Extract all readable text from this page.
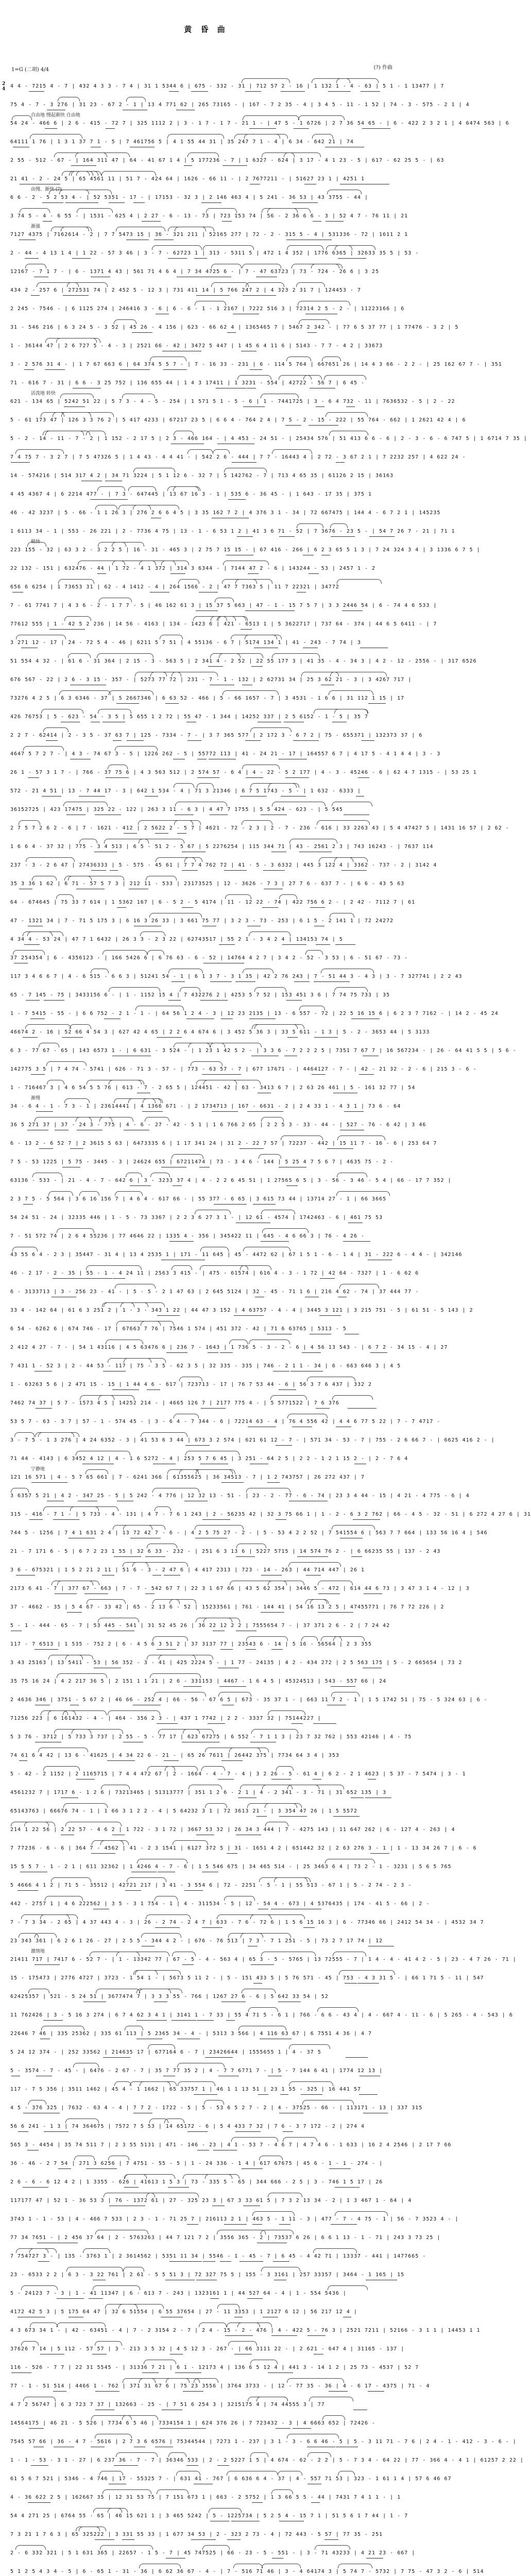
黄 昏 曲
1=G (二胡) 4/4	(?) 作曲
4 4 - 7215 4 - 7 | 432 4 3 3 - 7 4 | 31 1 5344 6 | 675 - 332 - 31 | 712 57 2 - 16 | 1 132 1 - 4 - 63 | 5 1 - 1 13477 | 7
75 4 - 7 - 3 276 | 31 23 - 67 2 - 1 | 13 4 771 62 | 265 73165 - | 167 - 7 2 35 - 4 | 3 4 5 - 11 - 1 52 | 74 - 3 - 575 - 2 1 | 4
54 24 - 466 6 | 2 6 - 415 - 72 7 | 325 1112 2 | 3 - 1 7 - 1 7 - 21 1 - | 47 5 - 1 6726 | 2 7 36 54 65 - | 6 - 422 2 3 2 1 | 4 6474 563 | 6
自由地 慢起渐快 自由地
64111 1 76 | 1 3 1 37 7 1 - 5 | 7 461756 5 | 4 1 55 44 31 | 35 247 7 1 - 4 | 6 34 - 642 21 | 74
2 55 - 512 - 67 - | 164 311 47 | 64 - 41 67 1 4 | 5 177236 - 7 | 1 6327 - 624 | 3 17 - 4 1 23 - 5 | 617 - 62 25 5 - | 63
21 41 - 2 - 24 5 | 65 4561 11 | 51 7 - 424 64 | 1626 - 66 11 - | 2 7677211 - | 51627 23 1 | 4251 1
6 6 - 2 - 5 2 53 4 - | 52 5351 - 17 - | 17153 - 32 3 | 2 146 463 4 | 5 241 - 36 53 | 43 3755 - 44 |
由慢、渐快 (?)
3 74 5 - 4 - 6 55 - | 1531 - 625 4 | 2 27 - 6 - 13 - 73 | 723 153 74 | 56 - 2 36 6 6 - 3 | 52 4 7 - 76 11 | 21
7127 4375 | 7162614 - 2 | 7 7 5473 15 | 36 - 321 211 | 52165 277 | 72 - 2 - 315 5 - 4 | 531336 - 72 | 1611 2 1
渐强
2 - 44 - 4 13 1 4 | 1 22 - 57 3 46 | 3 - 7 - 62723 1 | 313 - 5311 5 | 472 1 4 352 | 1776 6365 | 32633 35 5 | 53 -
12167 - 7 1 7 - | 6 - 1371 4 43 | 561 71 4 6 4 | 7 34 4725 6 - | 7 - 47 63723 | 73 - 724 - 26 6 | 3 25
434 2 - 257 6 | 272531 74 | 2 452 5 - 12 3 | 731 411 14 | 5 766 247 2 | 4 323 2 31 7 | 124453 - 7
2 245 - 7546 - | 6 1125 274 | 246416 3 - 6 | 6 - 6 - 1 - 1 2167 | 7222 516 3 | 72314 2 5 - 2 - | 11223166 | 6
31 - 546 216 | 6 3 24 5 - 3 52 | 45 26 - 4 156 | 623 - 66 62 4 | 1365465 7 | 5467 2 342 - | 77 6 5 37 77 | 1 77476 - 3 2 | 5
1 - 36144 47 | 2 6 727 5 - 4 - 3 | 2521 66 - 42 | 3472 5 447 | 1 45 6 4 11 6 | 5143 - 7 7 - 4 2 | 33673
3 - 2 576 31 4 - | 1 7 67 663 6 | 64 374 5 5 7 - | 7 - 16 33 - 231 | 6 - 114 5 764 | 667651 26 | 14 4 3 66 - 2 2 - | 25 162 67 7 - | 351
71 - 616 7 - 31 | 6 6 - 3 25 752 | 136 655 44 | 1 4 3 17411 | 1 3231 - 554 | 42722 - 56 7 | 6 45 -
621 - 134 65 | 5242 51 22 | 5 7 3 - 4 - 5 - 254 | 1 571 5 1 - 5 - 6 | 1 - 7441725 | 3 - 6 4 732 - 11 | 7636532 - 5 | 2 - 22
活泼地 转快
5 - 61 173 47 | 126 3 3 76 2 | 5 417 4233 | 67217 23 5 | 6 6 4 - 764 2 4 | 7 5 - 2 - 15 - 222 | 55 764 - 662 | 1 2621 42 4 | 6
5 - 2 - 14 - 11 - 7 - 2 | 1 152 - 2 17 5 | 2 3 - 466 164 - | 4 453 - 24 51 - | 25434 576 | 51 413 6 6 - 6 | 2 - 3 - 6 - 6 747 5 | 1 6714 7 35 |
7 4 75 7 - 3 2 7 | 7 5 47326 5 | 1 4 43 - 4 4 41 - | 542 2 6 - 444 | 7 7 - 16443 4 | 2 72 - 3 67 2 1 | 7 2232 257 | 4 622 24 -
14 - 574216 | 514 317 4 2 | 34 71 3224 | 5 1 12 6 - 32 7 | 5 142762 - 7 | 713 4 65 35 | 61126 2 15 | 36163
4 45 4367 4 | 6 2214 477 - | 7 3 - 647445 | 13 67 16 3 - 1 | 535 6 - 36 45 - | 1 643 - 17 35 | 375 1
46 - 42 3237 | 5 - 66 - 1 1 26 3 | 276 2 6 6 4 5 | 3 35 162 7 2 | 4 376 3 1 - 34 | 72 667475 | 144 4 - 6 7 2 1 | 145235
1 6113 34 - 1 | 553 - 26 221 | 2 - 7736 4 75 | 13 - 1 - 6 53 1 2 | 41 3 6 71 - 52 | 7 3676 - 23 5 - | 54 7 26 7 - 21 | 71 1
223 155 - 32 | 63 3 2 - 3 2 2 5 | 16 - 31 - 465 3 | 2 75 7 15 15 - | 67 416 - 266 | 6 2 3 65 5 1 3 | 7 24 324 3 4 | 3 1336 6 7 5 |
稍快
22 132 - 151 | 632476 - 44 | 1 72 - 4 1 372 | 314 3 6344 - | 7144 47 2 - 6 | 143244 - 53 | 2457 1 - 2
656 6 6254 | 1 73653 31 | 62 - 4 1412 - 4 | 264 1566 - 2 | 47 7 7363 5 | 11 7 22321 | 34772
7 - 61 7741 7 | 4 3 6 - 2 - 1 7 7 - 5 | 46 162 61 3 | 15 37 5 663 | 47 - 1 - 15 7 5 7 | 3 3 2446 54 | 6 - 74 4 6 533 |
77612 555 | 1 - 42 5 2 236 | 14 56 - 4163 | 134 - 1423 6 | 421 - 6513 1 | 5 3622717 | 737 64 - 374 | 44 6 5 6411 - | 7
3 271 12 - 17 | 24 - 72 5 4 - 46 | 6211 5 7 51 | 4 55136 - 6 7 | 5174 134 1 | 41 - 243 - 7 74 | 3
51 554 4 32 - | 61 6 - 31 364 | 2 15 - 3 - 563 5 | 2 341 4 - 2 52 | 22 55 177 3 | 41 35 - 4 - 34 3 | 4 2 - 12 - 2556 - | 317 6526
676 567 - 22 | 2 6 - 3 15 - 357 - | 5273 77 72 | 231 - 7 - 1 - 132 | 2 62731 34 | 25 3 62 21 - 3 | 3 4267 717 |
73276 4 2 5 | 6 3 6346 - 37 | 5 2667346 | 6 63 52 - 466 | 5 - 66 1657 - 7 | 3 4531 - 1 6 6 | 31 112 1 15 | 17
426 76753 | 5 - 623 - 54 - 3 5 | 5 655 1 2 72 | 55 47 - 1 344 | 14252 337 | 2 5 6152 - 1 - 5 | 35 7
2 2 7 - 62414 | 2 - 3 5 - 37 63 7 | 125 - 7334 - 7 - | 3 7 365 577 | 2 172 3 - 6 7 2 | 75 - 655371 | 132373 37 | 6
4647 5 7 2 7 - | 4 3 - 74 67 3 - 5 | 1226 262 - 5 | 55772 113 | 41 - 24 21 - 17 | 164557 6 7 | 4 17 5 - 4 1 4 4 | 3 - 3
26 1 - 57 3 1 7 - | 766 - 37 75 6 | 4 3 563 512 | 2 574 57 - 6 4 | 4 - 22 - 5 2 177 | 4 - 3 - 45246 - 6 | 62 4 7 1315 - | 53 25 1
572 - 21 4 51 | 13 - 7 44 17 - 3 | 642 1 534 - 4 | 71 3 21346 | 6 7 5 1743 - 5 - | 1 632 - 6333 |
36152725 | 423 17475 | 325 22 - 122 | 263 3 11 - 6 3 | 4 47 7 1755 | 5 5 424 - 623 - | 5 545
2 7 5 7 2 6 2 - 6 | 7 - 1621 - 412 | 2 5622 2 - 5 7 | 4621 - 72 - 2 3 | 2 - 7 - 236 - 616 | 33 2263 43 | 5 4 47427 5 | 1431 16 57 | 2 62 -
1 6 6 4 - 37 32 | 775 - 3 4 513 | 6 5 - 51 2 - 5 67 | 5 2276254 | 115 344 71 | 43 - 2561 2 3 | 743 16243 - | 7637 114
237 - 3 - 2 6 47 | 27436333 | 5 - 575 - 45 61 | 7 7 4 762 72 | 41 - 5 - 3 6332 | 445 3 122 4 | 3362 - 737 - 2 | 3142 4
35 3 36 1 62 | 6 71 - 57 5 7 3 | 212 11 - 533 | 23173525 | 12 - 3626 - 7 3 | 27 7 6 - 637 7 - | 6 6 - 43 5 63
64 - 674645 | 75 33 7 614 | 1 5362 167 | 6 - 5 2 - 5 4174 | 11 - 12 22 - 74 | 422 756 6 2 - | 2 42 - 7112 7 | 61
47 - 1321 34 | 7 - 71 5 175 3 | 6 16 3 26 33 | 3 661 75 77 | 3 2 3 - 73 - 253 | 6 1 5 - 2 141 1 | 72 24272
4 34 4 - 53 24 | 47 7 1 6432 | 26 3 3 - 2 3 22 | 62743517 | 55 2 1 - 3 4 2 4 | 134153 74 | 5
37 254354 | 6 - 4356123 - | 166 5426 6 | 6 76 63 - 6 - 52 | 14764 4 2 7 | 3 4 2 - 52 - 3 53 | 6 - 51 67 - 73 -
117 3 4 6 6 7 | 4 - 6 515 - 6 6 3 | 51241 54 - 1 | 6 1 3 7 - 3 1 35 | 42 2 76 243 | 7 - 51 44 3 - 4 3 | 3 - 7 327741 | 2 2 43
65 - 7 145 - 75 | 3433156 6 - | 1 - 1152 15 4 | 7 432276 2 | 4253 5 7 52 | 153 451 3 6 | 7 74 75 733 | 35
1 - 7 5415 - 55 - | 6 6 752 - 2 1 - 1 - | 64 56 1 2 4 - 3 | 12 23 2135 | 13 - 6 557 - 72 | 22 5 16 15 6 | 6 2 3 7 7162 - | 14 2 - 45 24
46674 2 - 16 | 52 66 4 54 3 | 627 42 4 65 | 2 2 6 4 674 6 | 3 452 5 36 3 | 33 5 611 - 1 3 | 5 - 2 - 3653 44 | 5 3133
6 3 - 77 67 - 65 | 143 6573 1 - | 6 631 - 3 524 - | 1 23 1 42 5 2 - | 3 3 6 - 7 2 2 2 5 | 7351 7 67 7 | 16 567234 - | 26 - 64 41 5 5 | 5 6 -
142775 3 5 | 7 4 74 - 5741 | 626 - 71 3 - 57 - | 773 - 63 57 - 7 | 677 17671 - | 4464127 - 7 - | 42 - 21 32 - 2 - 6 | 215 3 - 6 -
1 - 716467 3 | 4 6 54 5 5 76 | 613 - 7 - 2 65 5 | 124451 - 42 | 63 - 3413 6 7 | 2 63 26 461 | 5 - 161 32 77 | 54
34 - 6 4 - 1 - 7 3 - 1 | 23614441 | 4 1366 671 - | 2 1734713 | 167 - 6631 - 2 | 2 4 33 1 - 4 3 1 | 73 6 - 64
渐慢
36 5 271 37 | 37 - 24 3 - 775 | 4 - 6 - 27 - 42 - 5 1 | 1 6 766 2 65 | 2 2 5 3 - 33 - 44 - | 527 - 76 - 6 42 | 3 46
6 - 13 2 - 6 52 7 | 2 3615 5 63 | 6473335 6 | 1 17 341 24 | 31 2 - 22 7 57 | 72237 - 442 | 15 11 7 - 16 - 6 | 253 64 7
7 5 - 53 1225 | 5 75 - 3445 - 3 | 24624 655 | 67211474 | 73 - 3 4 6 - 144 | 5 25 4 7 5 6 7 | 4635 75 - 2 -
63136 - 533 - | 21 - 4 - 7 - 642 6 | 3 - 3233 37 4 | 4 - 2 2 6 45 51 | 1 27565 6 5 | 3 - 56 - 3 46 - 5 4 | 66 - 17 7 352 |
2 3 7 5 - 5 564 | 3 6 16 156 7 | 4 6 4 - 617 66 - | 55 377 - 6 65 | 3 615 73 44 | 13714 27 - 1 | 66 3665
54 24 51 - 24 | 32335 446 | 1 - 5 - 73 3367 | 2 2 3 6 27 3 1 - | 12 61 - 4574 | 1742463 - 6 | 461 75 53
7 - 51 572 74 | 2 6 4 55236 | 77 4646 22 | 1335 4 - 356 | 345422 11 | 645 - 4 6 66 3 | 76 - 4 26 -
43 55 6 4 - 2 3 | 35447 - 31 4 | 13 4 2535 1 | 171 - 11 645 | 45 - 4472 62 | 67 1 5 1 - 6 - 1 4 | 31 - 222 6 - 4 4 - | 342146
46 - 2 17 - 2 - 35 | 55 - 1 - 4 24 11 | 2563 3 415 - | 475 - 61574 | 616 4 - 3 - 1 72 | 42 64 - 7327 | 1 - 6 62 6
6 - 3133713 | 3 - 256 23 - 41 - | 5 - 5 - 2 1 47 63 | 2 645 5124 | 32 - 45 - 71 1 6 | 216 4 62 - 74 | 37 444 77 -
33 4 - 142 64 | 61 6 3 251 2 | 1 - 3 - 343 1 22 | 44 47 3 152 | 4 63757 - 4 - 4 | 3445 3 121 | 3 215 751 - 5 | 61 51 - 5 143 | 2
6 54 - 6262 6 | 674 746 - 17 | 67663 7 76 | 7546 1 574 | 451 372 - 42 | 71 6 63765 | 5313 - 5
2 412 4 27 - 7 - | 54 1 43116 | 4 5 63476 6 | 236 7 - 1643 | 1 736 5 - 3 - 2 - 6 | 4 56 13 543 - | 6 7 2 - 34 15 - 4 | 27
7 431 1 - 52 3 | 2 - 44 53 - 117 | 75 - 3 5 - 62 3 5 | 32 335 - 335 | 746 - 2 1 1 - 34 | 6 - 663 646 3 | 4 5
1 - 63263 5 6 | 2 471 15 - 15 | 1 44 4 6 - 617 | 723713 - 17 | 76 7 53 44 - 6 | 56 3 7 6 437 | 332 2
7462 74 37 | 5 7 - 1573 4 5 | 14252 214 - | 4665 126 7 | 2177 775 4 - | 5 5771522 | 7 6 376
53 5 7 - 63 - 3 7 | 57 - 1 - 574 45 - | 3 - 6 4 - 7 344 - 6 | 72214 63 - 4 | 76 4 556 42 | 4 4 6 77 5 22 | 7 - 7 4717 -
3 - 7 5 - 1 3 276 | 4 24 6352 - 3 | 41 53 6 3 44 | 673 3 2 574 | 621 61 12 - 7 - | 571 34 - 53 - 7 | 755 - 2 6 66 7 - | 6625 416 2 - |
71 44 - 4143 | 6 3452 4 12 | 4 - 1 6 5272 - 4 | 253 5 7 6 45 | 3 251 - 64 2 5 | 2 2 - 1 2 1 15 2 - | 2 - 7 6 4
121 16 571 | 4 - 5 7 65 661 | 7 - 6241 366 | 61355625 | 36 34513 - 7 | 1 2 743757 | 26 272 437 | 7
宁静地
3 6357 5 21 | 4 2 - 347 25 - 5 | 5 242 - 4 776 | 12 32 13 - 51 - | 23 - 2 - 77 - 6 - 74 | 23 3 4 44 - 15 | 4 21 - 4 775 - 6 | 4
315 - 416 - 7 1 - | 5 733 - 4 - 131 | 4 7 - 7 6 1 243 | 2 - 56235 42 | 32 3 75 66 1 | 1 - 2 - 6 3 2 762 | 66 - 4 5 - 32 - 51 | 6 272 4 27 6 | 31
744 5 - 1256 | 7 4 1 631 2 4 | 13 72 42 7 - 6 - | 4 2 5 75 27 - 2 - | 5 - 53 4 2 2 52 | 7 541554 6 | 563 7 7 664 | 133 56 16 4 | 546
21 - 7 171 6 - 5 | 6 7 2 23 1 55 | 32 6 33 - 232 - | 251 6 3 13 6 | 5227 5715 | 14 574 76 2 - | 6 66235 55 | 137 - 2 43
3 6 - 675321 | 1 5 2 21 2 11 | 51 6 - 3 - 2 47 6 | 4 417 2313 | 723 - 14 - 263 | 44 714 447 | 26 1
2173 6 41 - 7 | 377 67 - 663 | 7 - 7 - 542 67 7 | 22 3 1 67 66 | 43 5 62 354 | 3446 5 - 472 | 614 44 6 73 | 3 47 3 1 4 - 12 | 3
37 - 4662 - 35 | 5 4 67 - 33 42 | 65 - 2 13 6 - 52 | 15233561 | 761 - 144 41 | 54 16 13 2 5 | 47455771 | 76 7 72 226 | 2
5 - 1 - 444 - 65 - 7 | 53 445 - 541 | 31 52 45 26 | 36 22 12 2 2 | 7555654 7 - | 37 371 2 6 - 2 | 7 24 42
117 - 7 6513 | 1 535 - 752 2 | 6 - 4 5 6 3 51 2 | 37 3137 77 | 23543 6 - 14 | 5 16 - 56564 | 2 3 355
3 43 25163 | 13 5411 - 53 | 56 352 - 3 - 41 | 425 2224 5 - | 1 77 - 24135 | 4 2 - 434 272 | 2 5 563 175 | 5 - 2 665654 | 73 2
35 75 16 24 | 4 2 217 36 5 | 2 151 1 1 21 | 2 6 - 331153 | 4467 - 1 6 4 5 | 45324513 | 543 - 557 66 | 24
2 4636 346 | 3751 - 5 67 2 | 46 66 - 252 4 | 66 - 56 - 67 6 5 | 673 - 35 37 1 - | 663 11 7 2 - 1 | 1 5 1742 51 | 75 - 5 324 63 | 6 -
71256 223 | 6 161432 - 4 - | 464 - 356 2 3 - | 437 1 7742 | 2 2 - 3337 32 | 75144227 |
5 3 76 - 3712 | 5 733 3 737 | 2 55 - 5 - 77 17 | 623 67275 | 6 552 - 7 1 1 3 | 23 7 32 762 | 553 42146 | 4 - 75
74 61 6 4 42 | 13 6 - 41625 | 4 34 22 6 - 21 - | 65 26 7611 | 26442 375 | 7734 64 3 4 | 353
5 - 42 - 2 1152 | 2 1165715 | 7 4 4 472 67 | 2 - 1664 - 4 - 7 - 4 | 3 2 26 - 5 - 61 4 | 6 2 - 2 1 4623 | 5 37 - 7 5474 | 3 - 1
4561232 7 | 1717 6 - 1 2 6 | 73213465 | 51313777 | 351 1 2 6 - 2 1 | 4 - 2 341 - 3 - 71 | 31 652 135 | 3
65143763 | 66676 74 - 1 | 1 66 3 1 2 2 - 4 | 5 64232 3 1 | 72 3613 21 - | 3 354 47 26 | 1 5 5572
214 1 22 56 | 2 22 57 - 4 6 2 | 1 722 - 3 1 72 | 3667 53 32 | 26 34 3 444 | 7 - 4275 143 | 11 647 262 | 6 - 127 4 - 263 | 4
7 77236 - 6 - 6 | 364 7 - 4562 | 41 - 2 3 1541 | 6127 372 5 | 31 - 1651 4 2 | 651442 32 | 2 63 276 3 - 1 | 1 - 13 34 26 7 | 6 - 6
15 5 5 7 - 1 - 2 1 | 611 32362 | 1 4246 4 - 7 - 6 | 1 5 546 675 | 34 465 514 - | 25 3463 6 4 | 73 2 - 1 - 3231 | 5 6 5 765
5 4666 4 1 2 | 71 5 - 35512 | 42721 217 | 3 41 - 3 554 6 | 72 - 2251 - 5 - 1 | 55 513 - 67 1 | 5 - 2 74 - 2 3 -
442 - 2757 1 | 4 6 222562 | 3 5 - 3 1 754 - 1 | 4 - 311534 - 5 | 12 - 54 4 - 673 | 4 5376435 | 174 - 41 5 - 66 | 2 -
7 - 7 3 34 - 2 65 | 4 37 443 4 - 3 | 26 - 2 74 - 2 4 7 | 633 - 7 6 - 72 6 | 1 5 6 15 16 3 | 6 - 77346 66 | 2412 54 34 - | 4532 34 7
23 343 361 | 6 2 6 1 26 - 27 | 2 5 5 - 344 4 2 - | 676 - 76 513 | 7 3 - 7 1 251 - 5 | 73 2 7 17 74 | 12
21411 717 | 7417 6 - 52 7 - | 1 - 13342 77 | 67 - 5 - 4 - 563 4 | 65 3 - 5 - 5765 | 13 72555 - 7 | 1 4 - 4 - 41 4 2 - 5 | 23 - 4 7 26 - 71 |
激情地
15 - 175473 | 2776 4727 | 3723 - 1 54 1 - | 5673 5 11 2 - | 5 - 151 433 5 | 5 76 571 - 45 | 753 - 4 3 31 5 - | 66 1 71 5 - 11 | 547
62425357 | 521 - 5 24 51 | 3677474 7 | 3 3 3 55 - 766 | 1267 27 6 - 6 | 5 642 33 54 | 52
11 762426 | 3 - 5 16 3 274 | 6 7 4 62 3 4 1 | 3141 1 - 7 33 | 55 4 71 5 - 6 1 | 766 - 6 6 - 43 4 | 4 - 667 4 - 11 - 6 | 5 265 - 4 - 543 | 6
22646 7 46 | 335 25362 | 335 61 113 | 5 2365 34 - 4 - | 5313 3 566 | 4 116 63 67 | 6 7551 4 36 | 4 7
5 24 12 374 - | 252 33562 | 214635 17 | 677164 6 - 7 | 23426644 | 1555655 1 | 4 - 37 5
5 - 3574 - 7 - 45 - | 6476 - 2 67 - 7 | 35 7 77 35 2 | 4 - 7 7 6771 7 - | 5 - 7 144 6 41 | 1774 12 13 |
117 - 7 5 356 | 3511 1462 | 45 4 - 1 1662 | 65 33757 1 | 46 1 1 13 51 | 23 1 55 - 325 | 16 441 57
4 5 - 376 325 | 7632 - 63 4 - 4 | 7 7 2 - 1722 - 5 | 5 - 53 6 5 2 7 - 2 | 4 - 37525 - 66 - | 113171 - 13 | 337 315
56 6 241 - 1 3 | 74 364675 | 7572 7 5 53 | 14 65172 - 6 | 5 4 433 7 32 | 7 6 - 3 7 172 - 2 | 274 4
565 3 - 4454 | 35 74 511 7 | 2 3 55 5131 | 471 - 146 - 23 | 4 1 - 53 7 - 4 6 7 | 4 7 4 6 - 1 633 | 16 2 4 2546 | 2 17 7 66
36 - 46 - 2 7 54 | 271 3 6256 | 7 4751 - 55 - 5 | 1 - 24 336 - 1 4 | 617 67675 | 45 6 - 1 - 1 - 274 - |
2 6 - 6 - 6 12 4 2 | 1 3355 - 626 | 41613 1 5 3 | 73 - 335 5 - 65 | 344 666 - 2 5 | 3 - 746 1 5 17 | 26
117177 47 | 52 1 - 36 53 3 | 76 - 1372 61 | 27 - 325 23 3 | 67 3 33 61 5 | 7 3 2 13 34 - 2 | 1 3 467 1 - 64 | 4
3743 1 - 1 - 53 | 4 - 466 7 533 | 2 3 - 1 - 71 25 7 | 216113 2 1 | 463 5 - 1 11 - 3 | 477 - 7 - 4 75 - 1 | 56 - 7 3523 4 - |
77 34 7651 - | 2 456 37 64 | 2 - 5763263 | 44 7 121 7 2 | 3556 365 - 2 | 73537 6 26 | 6 6 1 13 - 1 - 71 | 243 3 73 25 |
7 754727 3 - | 135 - 3763 1 | 2 3614562 | 5351 11 34 | 5546 - 1 - 45 - 7 | 6 45 - 4 42 71 | 13337 - 441 | 1477665 -
23 - 6533 2 2 | 6 3 - 3 22 761 | 2 61 - 5 5 51 3 | 72 327 75 5 | 155 - 3 3161 | 257 33357 | 3464 - 1 165 | 15
5 - 24123 7 - 3 | 1 - 41 11347 | 6 - 613 7 - 243 | 1323161 1 | 44 527 64 - 4 | 1 - 554 5436 |
4172 42 5 3 | 5 175 64 47 | 32 6 51554 | 6 55 37654 | 27 - 11 3353 | 1 2127 6 12 | 56 217 12 4 |
4 3 673 34 1 - | 42 - 63451 - 4 | 7 - 2 3154 2 - 7 | 2 4 - 15 - 2 - 476 | 4 - 422 5 - 76 3 | 2521 7211 | 52166 - 3 1 1 | 14453 1 1
37626 7 14 | 5 112 - 57 57 | 3 - 213 3 5 32 | 4 5 12 3 - 267 - | 66 3111 22 - | 2 621 - 647 4 | 31165 - 137 |
116 - 526 - 7 7 | 22 31 5545 - | 31336 7 21 | 6 1 - 12173 4 | 136 6 5 12 4 | 441 3 - 14 1 2 | 25 73 - 4537 | 52 7
77 - 1 - 51 514 | 4466 1 - 762 | 371 31 67 6 | 75 23 3556 | 3764 3733 - | 12 - 77 35 - 36 | 4 - 6 17 - 4375 | 71 - 4
4 7 2 56747 | 6 3 723 7 37 | 132663 - 25 - | 7 51 6 254 3 | 3215175 4 | 74 44555 3 | 77
14564175 | 46 21 - 5 526 | 7734 6 5 46 | 7334154 1 | 624 376 26 | 7 723432 - 3 | 4 6663 652 | 72426 -
7545 57 66 | 36 - 4 7 - 5616 | 2 7 3 6 6576 | 75344544 | 7273 1 - 237 | 3 1 - 3 - 6 6 46 - 5 | 5 - 3 11 71 - 7 6 | 2 4 - 1 - 412 - 3 - 6 - |
1 - 1 - 53 - 3 1 - 27 | 6 237 36 - 7 - 7 | 36346 533 | 2 - 2 5227 1 5 | 4 674 - 62 - 2 2 | 5 - 7 3 4 - 64 22 | 77 - 366 4 - 4 1 | 61257 2 22 |
61 5 6 7 521 | 5346 - 4 746 | 17 - 55325 7 - | 631 41 - 767 | 6 636 6 4 - 37 | 4 - 557 71 53 | 323 - 1 61 1 4 | 57 6 46 67
4 - 36 622 2 5 | 162667 35 | 12 31 53 75 | 7 151 673 1 | 663 - 2 5752 | 1 3 66 5 5 - 44 | 7431 7 4 1 1 - | 1
54 4 271 25 | 6764 55 - 65 | 46 15 621 1 | 3 465 5242 | 5 - 1225734 | 5 2 5 4 - 15 7 1 | 51 5 6 1 7 44 | 1 - 7
7 3 21 1 7 6 3 | 65 325222 | 3 331 55 33 | 1 677 34 53 | 2 - 323 2 73 - 4 | 72 443 - 5 57 | 77 35 - 251
2 - 6 332 321 | 5 1 631 365 | 22657 - 1 5 - 7 | 45 747525 | 66 - 23 - 5 - 551 - | 3 - 71 43233 | 4 21 23 - 667 |
5 1 2 5 4 3 4 - 5 | 6 - 65 1 - 31 - 36 | 6 62 36 67 - 4 - | 7 - 516 71 46 | 3 - 4 64174 3 | 5 74 7 - 5732 | 7 75 - 47 3 2 - 6 | 514
2
4
